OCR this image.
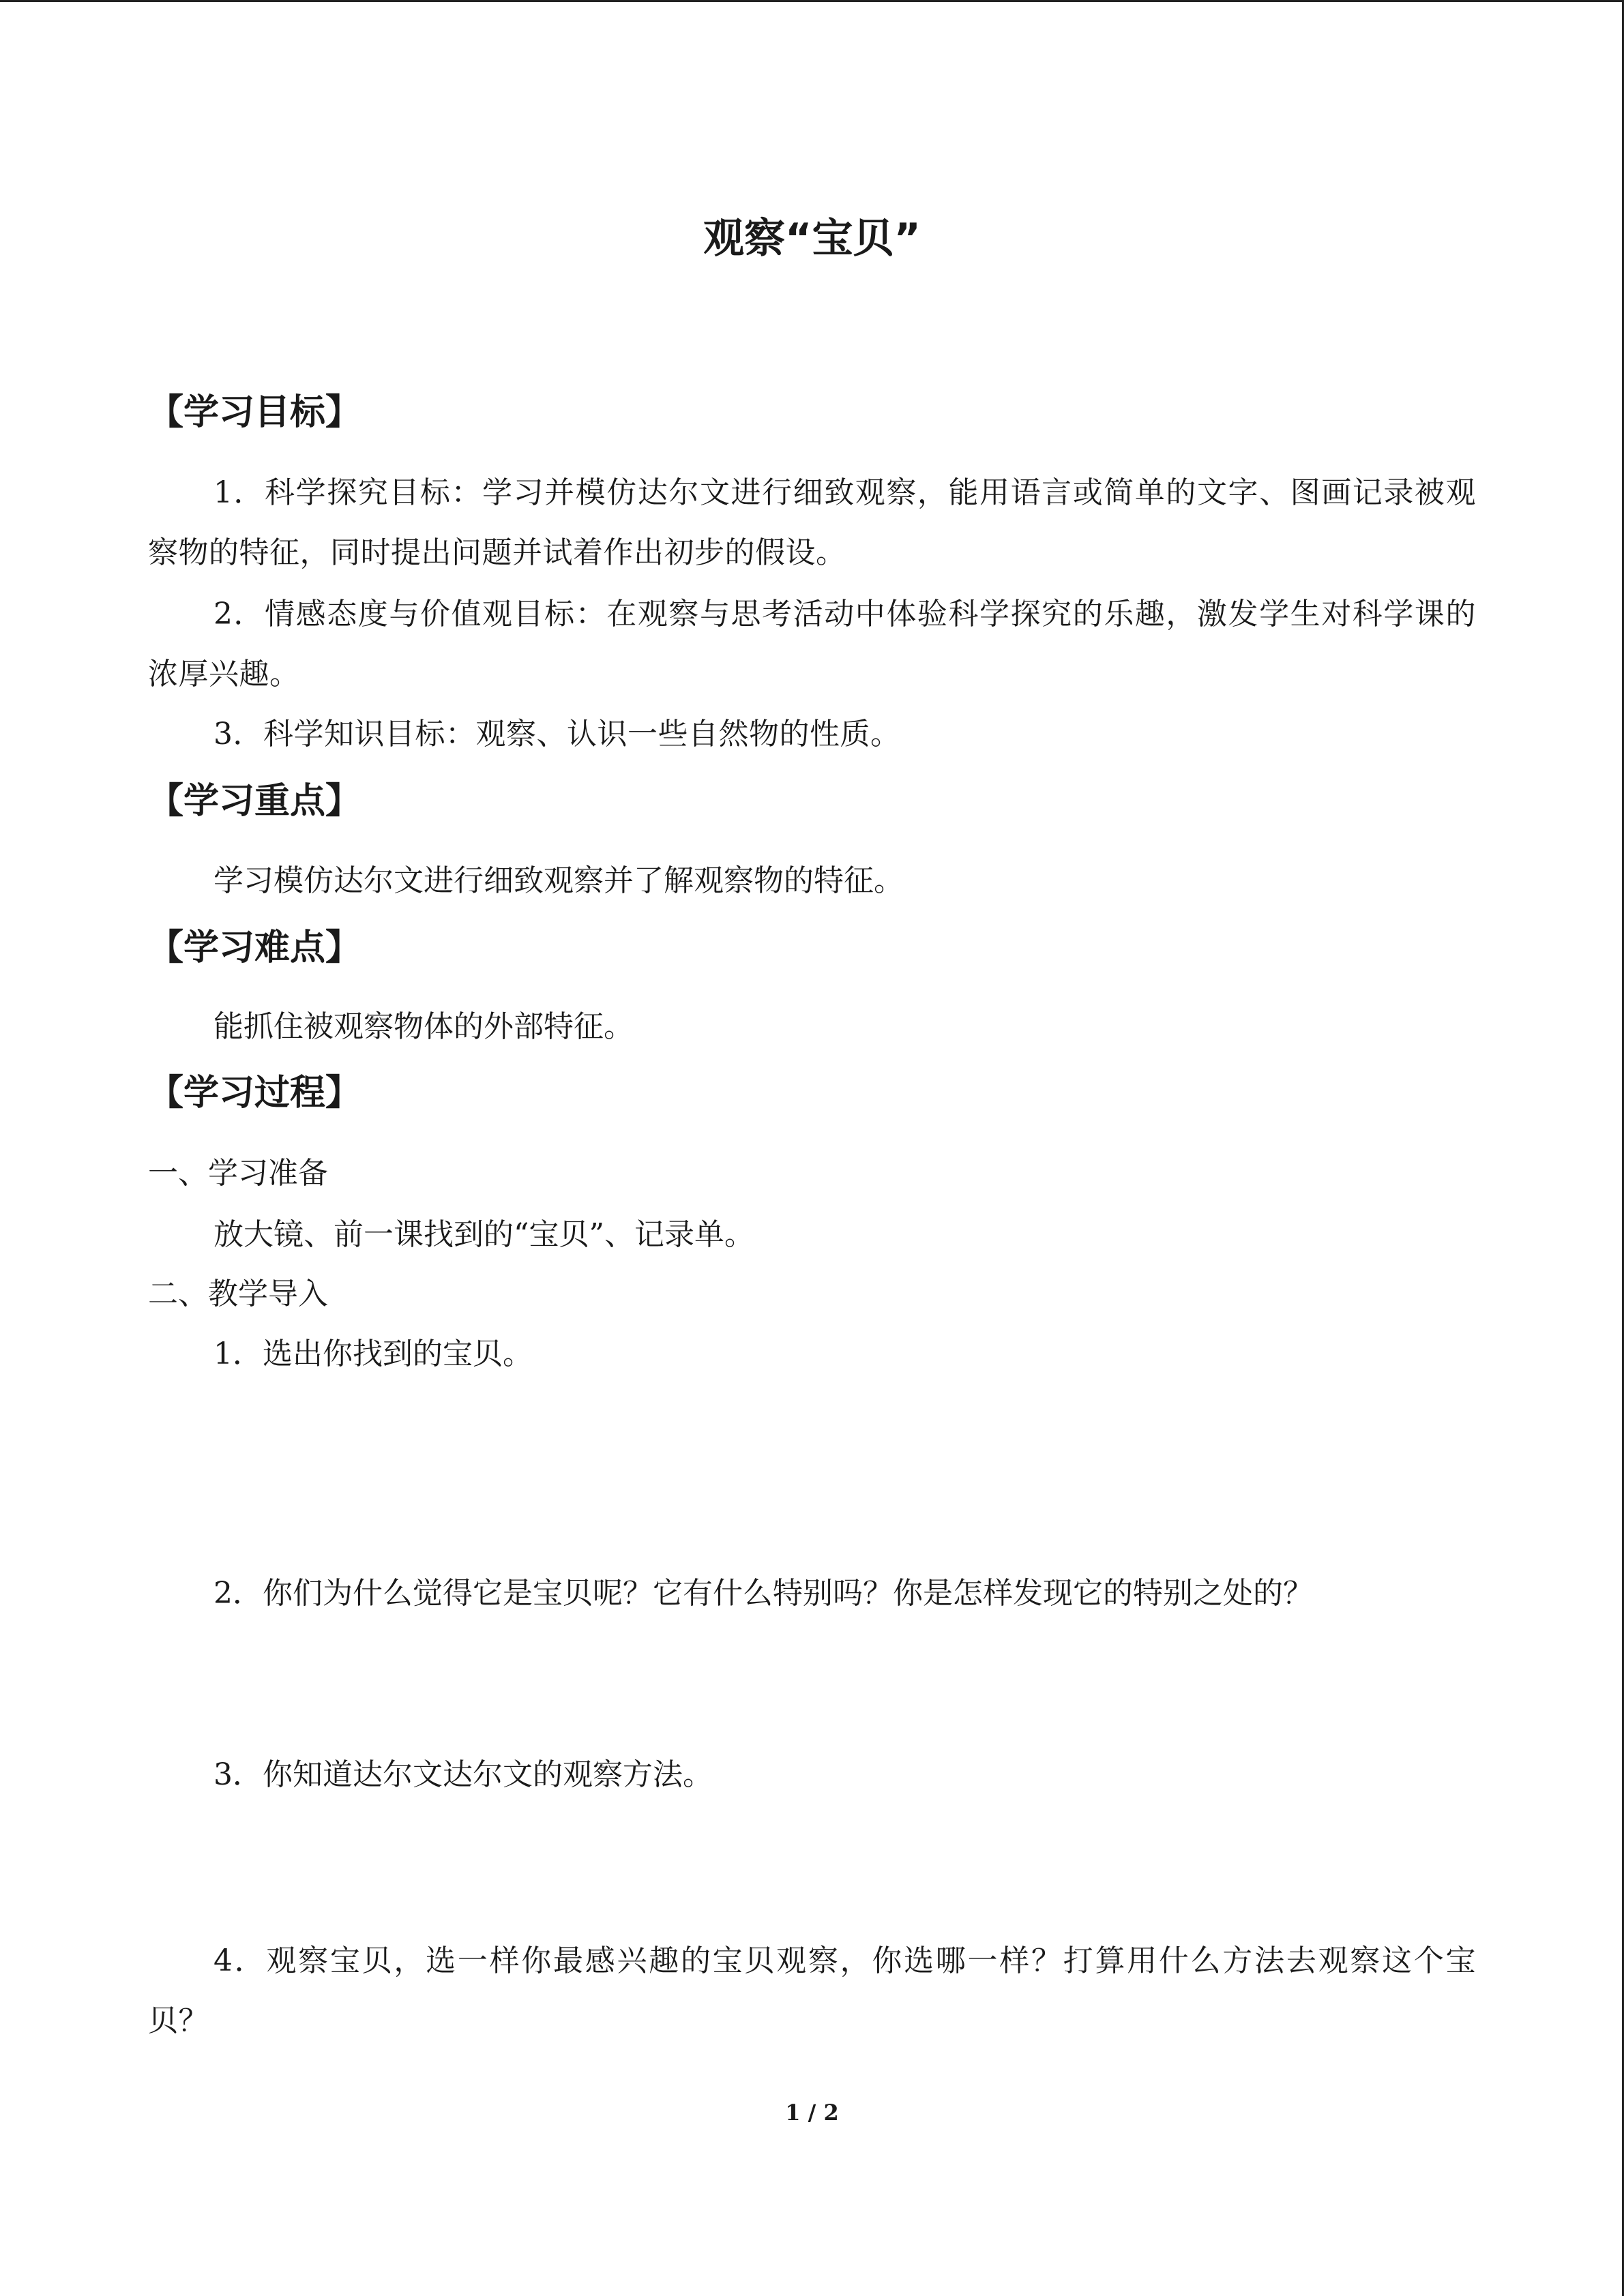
观察“宝贝”
【学习目标】
1．科学探究目标：学习并模仿达尔文进行细致观察，能用语言或简单的文字、图画记录被观察物的特征，同时提出问题并试着作出初步的假设。
2．情感态度与价值观目标：在观察与思考活动中体验科学探究的乐趣，激发学生对科学课的浓厚兴趣。
3．科学知识目标：观察、认识一些自然物的性质。
【学习重点】
学习模仿达尔文进行细致观察并了解观察物的特征。
【学习难点】
能抓住被观察物体的外部特征。
【学习过程】
一、学习准备
放大镜、前一课找到的“宝贝”、记录单。
二、教学导入
1．选出你找到的宝贝。
2．你们为什么觉得它是宝贝呢？它有什么特别吗？你是怎样发现它的特别之处的？
3．你知道达尔文达尔文的观察方法。
4．观察宝贝，选一样你最感兴趣的宝贝观察，你选哪一样？打算用什么方法去观察这个宝贝？
1 / 2
